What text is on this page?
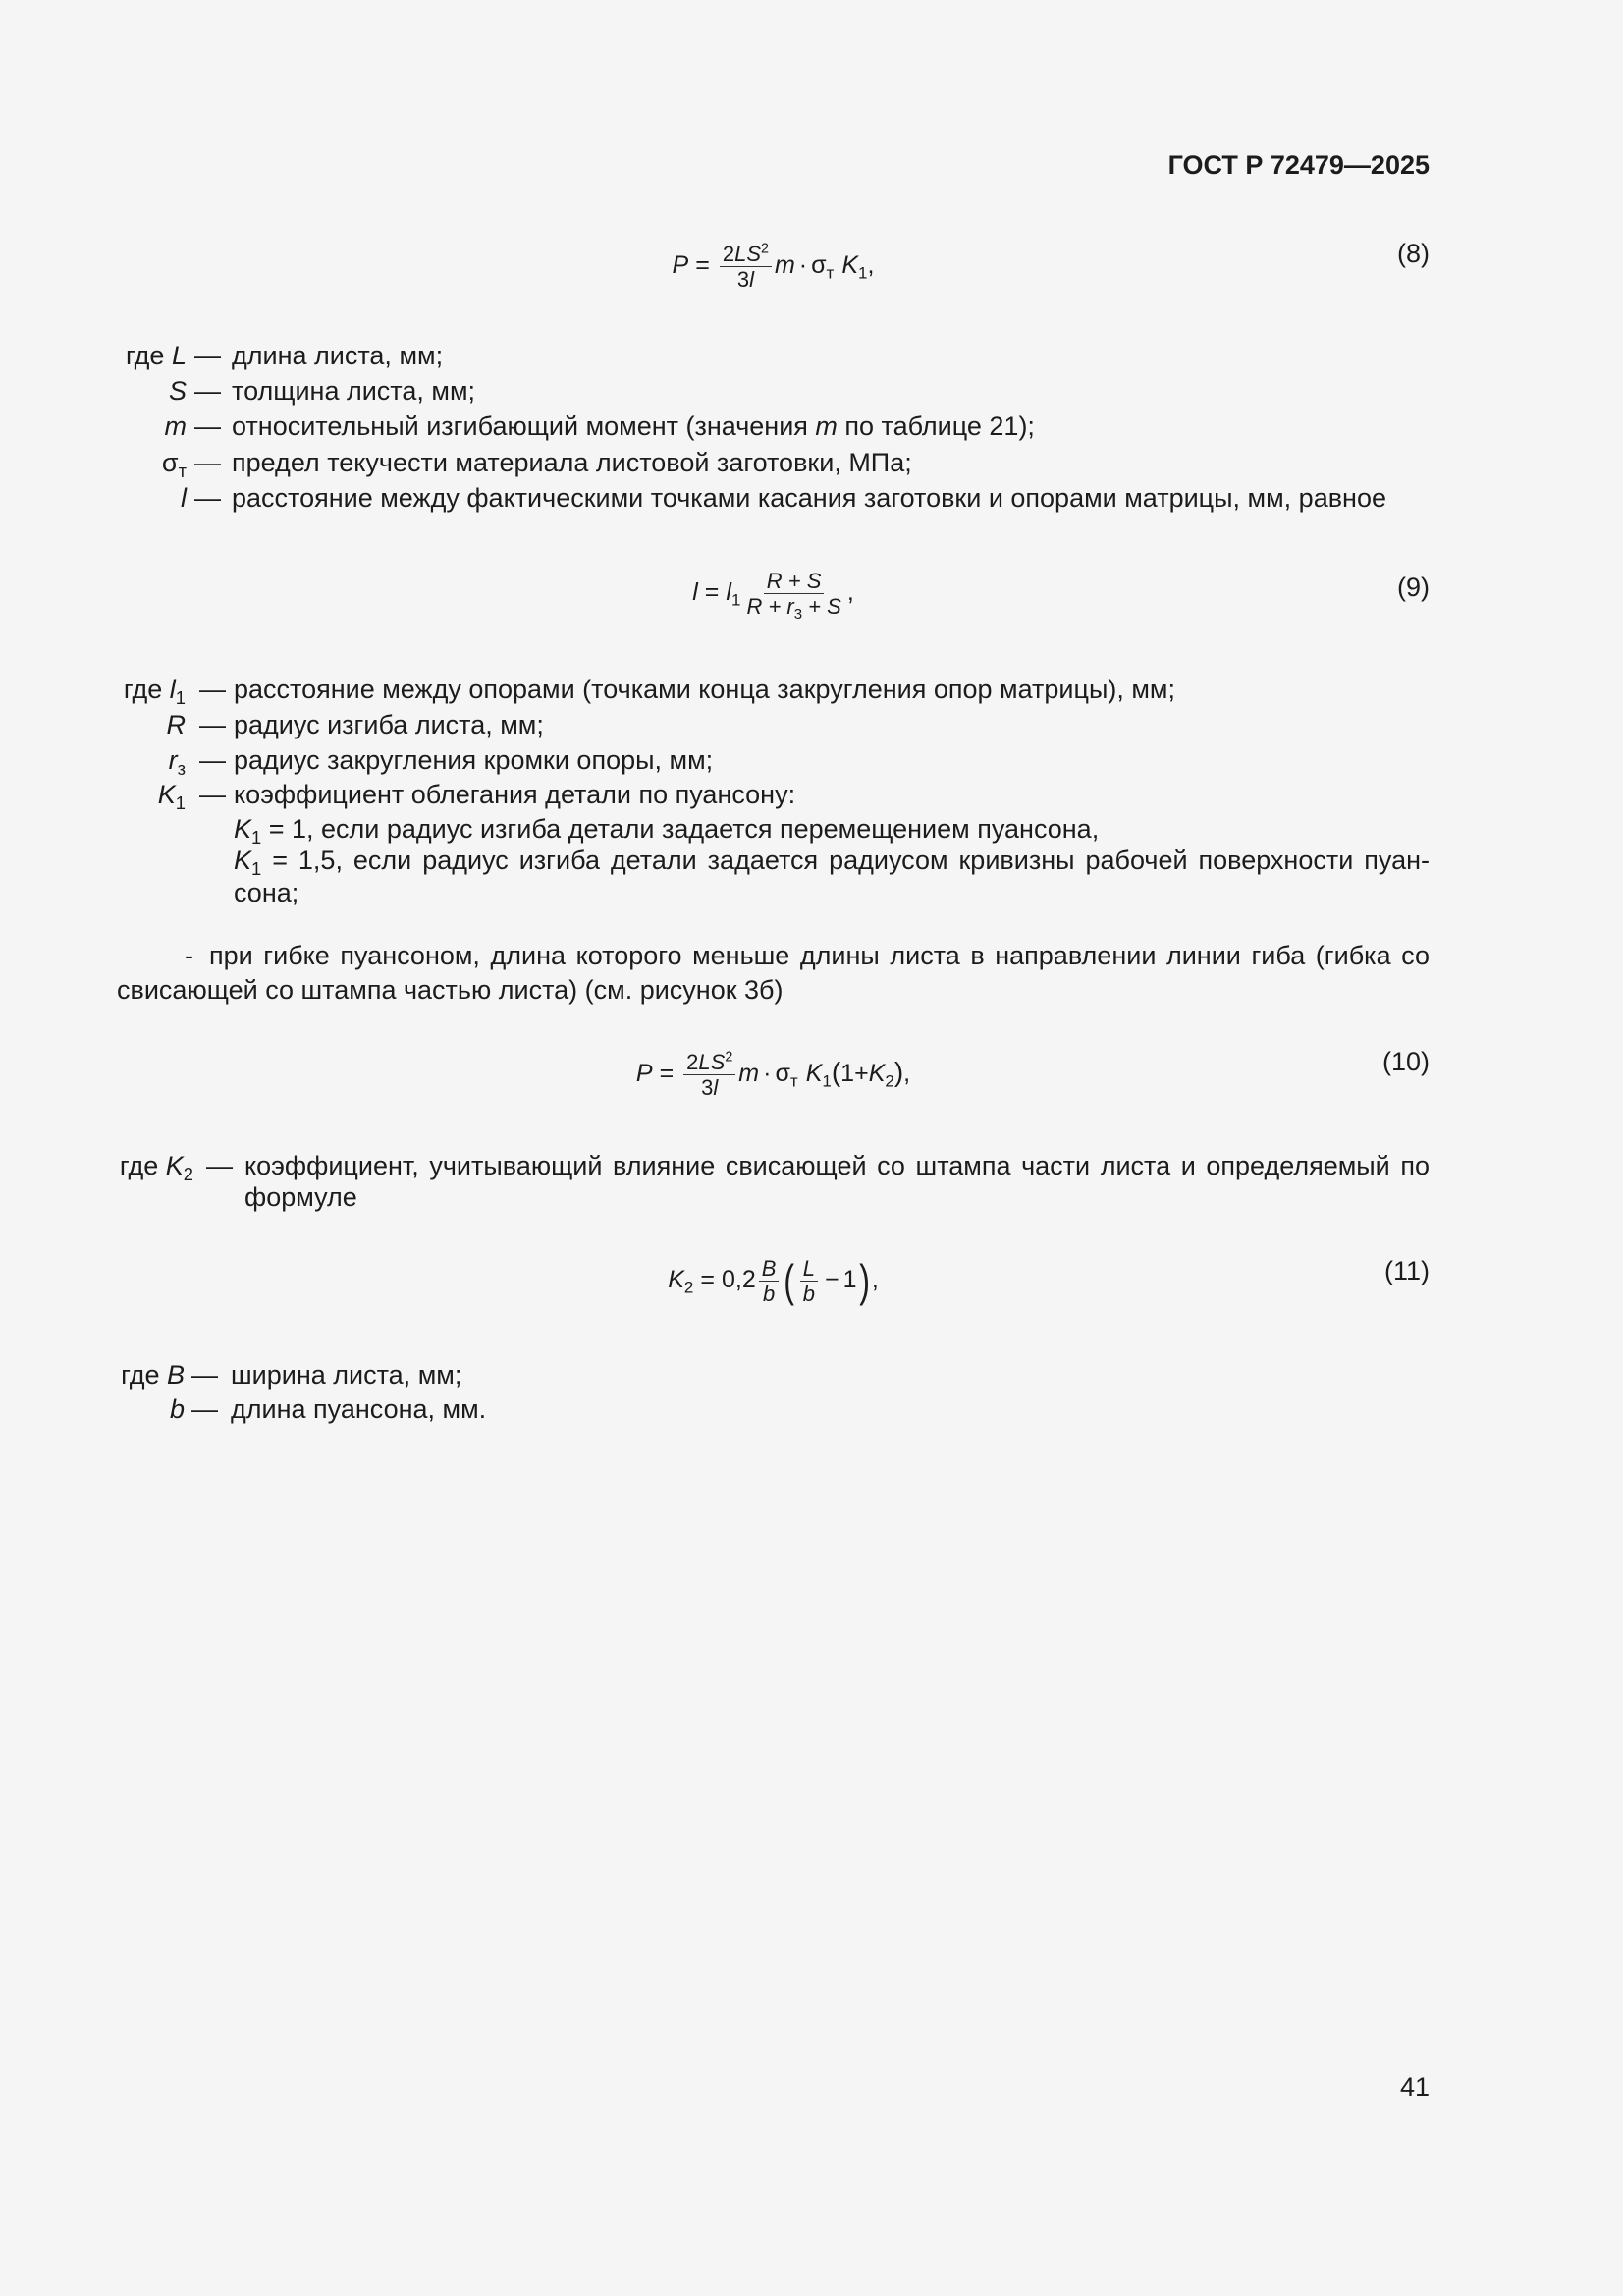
ГОСТ Р 72479—2025
$P = \frac{2LS^2}{3l}$ $m \cdot \sigma_т$ $K_1$,	(8)
где L — длина листа, мм;
S — толщина листа, мм;
m — относительный изгибающий момент (значения m по таблице 21);
$\sigma_т$ — предел текучести материала листовой заготовки, МПа;
l — расстояние между фактическими точками касания заготовки и опорами матрицы, мм, равное
$l = l_1 \frac{R + S}{R + r_3 + S}$ ,	(9)
где $l_1$ — расстояние между опорами (точками конца закругления опор матрицы), мм;
R — радиус изгиба листа, мм;
$r_з$ — радиус закругления кромки опоры, мм;
$K_1$ — коэффициент облегания детали по пуансону:
$K_1 = 1$, если радиус изгиба детали задается перемещением пуансона,
$K_1 = 1,5$, если радиус изгиба детали задается радиусом кривизны рабочей поверхности пуан-
сона;
- при гибке пуансоном, длина которого меньше длины листа в направлении линии гиба (гибка со
свисающей со штампа частью листа) (см. рисунок 3б)
$P = \frac{2LS^2}{3l}$ $m \cdot \sigma_т$ $K_1(1+K_2)$,	(10)
где $K_2$ — коэффициент, учитывающий влияние свисающей со штампа части листа и определяемый по
формуле
$K_2 = 0,2 \frac{B}{b}$ ( $\frac{L}{b} - 1$),	(11)
где B — ширина листа, мм;
b — длина пуансона, мм.
41
